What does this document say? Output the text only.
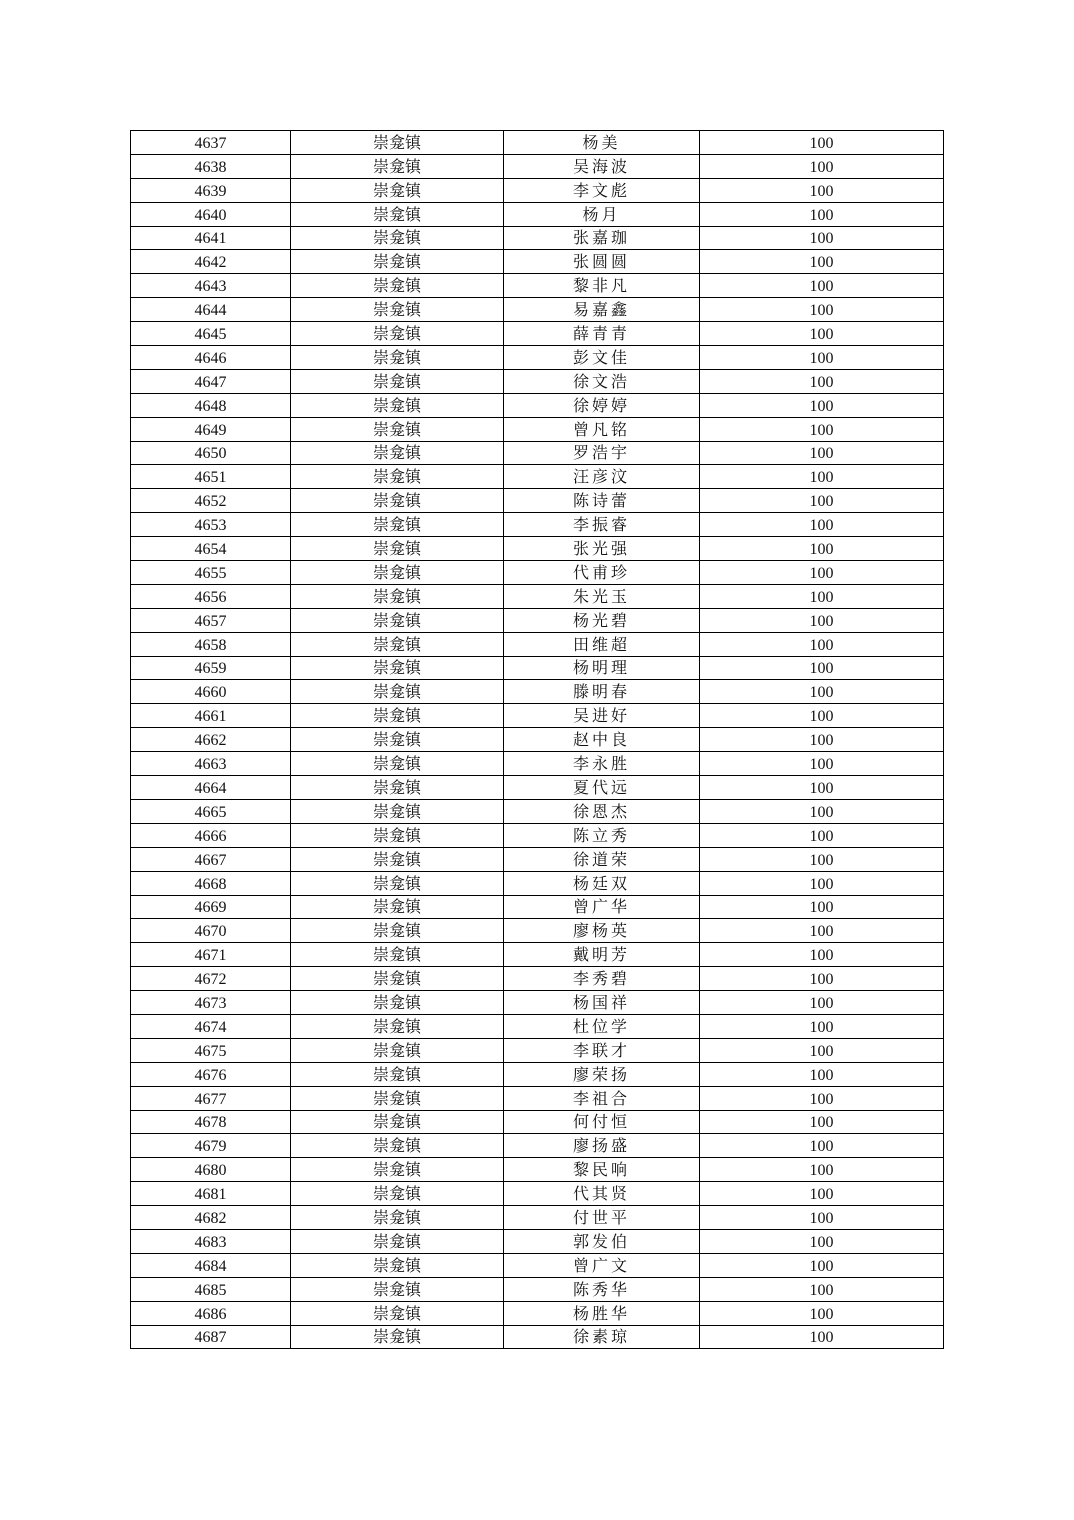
4637	崇龛镇	杨美	100
4638	崇龛镇	吴海波	100
4639	崇龛镇	李文彪	100
4640	崇龛镇	杨月	100
4641	崇龛镇	张嘉珈	100
4642	崇龛镇	张圆圆	100
4643	崇龛镇	黎非凡	100
4644	崇龛镇	易嘉鑫	100
4645	崇龛镇	薛青青	100
4646	崇龛镇	彭文佳	100
4647	崇龛镇	徐文浩	100
4648	崇龛镇	徐婷婷	100
4649	崇龛镇	曾凡铭	100
4650	崇龛镇	罗浩宇	100
4651	崇龛镇	汪彦汶	100
4652	崇龛镇	陈诗蕾	100
4653	崇龛镇	李振睿	100
4654	崇龛镇	张光强	100
4655	崇龛镇	代甫珍	100
4656	崇龛镇	朱光玉	100
4657	崇龛镇	杨光碧	100
4658	崇龛镇	田维超	100
4659	崇龛镇	杨明理	100
4660	崇龛镇	滕明春	100
4661	崇龛镇	吴进好	100
4662	崇龛镇	赵中良	100
4663	崇龛镇	李永胜	100
4664	崇龛镇	夏代远	100
4665	崇龛镇	徐恩杰	100
4666	崇龛镇	陈立秀	100
4667	崇龛镇	徐道荣	100
4668	崇龛镇	杨廷双	100
4669	崇龛镇	曾广华	100
4670	崇龛镇	廖杨英	100
4671	崇龛镇	戴明芳	100
4672	崇龛镇	李秀碧	100
4673	崇龛镇	杨国祥	100
4674	崇龛镇	杜位学	100
4675	崇龛镇	李联才	100
4676	崇龛镇	廖荣扬	100
4677	崇龛镇	李祖合	100
4678	崇龛镇	何付恒	100
4679	崇龛镇	廖扬盛	100
4680	崇龛镇	黎民响	100
4681	崇龛镇	代其贤	100
4682	崇龛镇	付世平	100
4683	崇龛镇	郭发伯	100
4684	崇龛镇	曾广文	100
4685	崇龛镇	陈秀华	100
4686	崇龛镇	杨胜华	100
4687	崇龛镇	徐素琼	100
